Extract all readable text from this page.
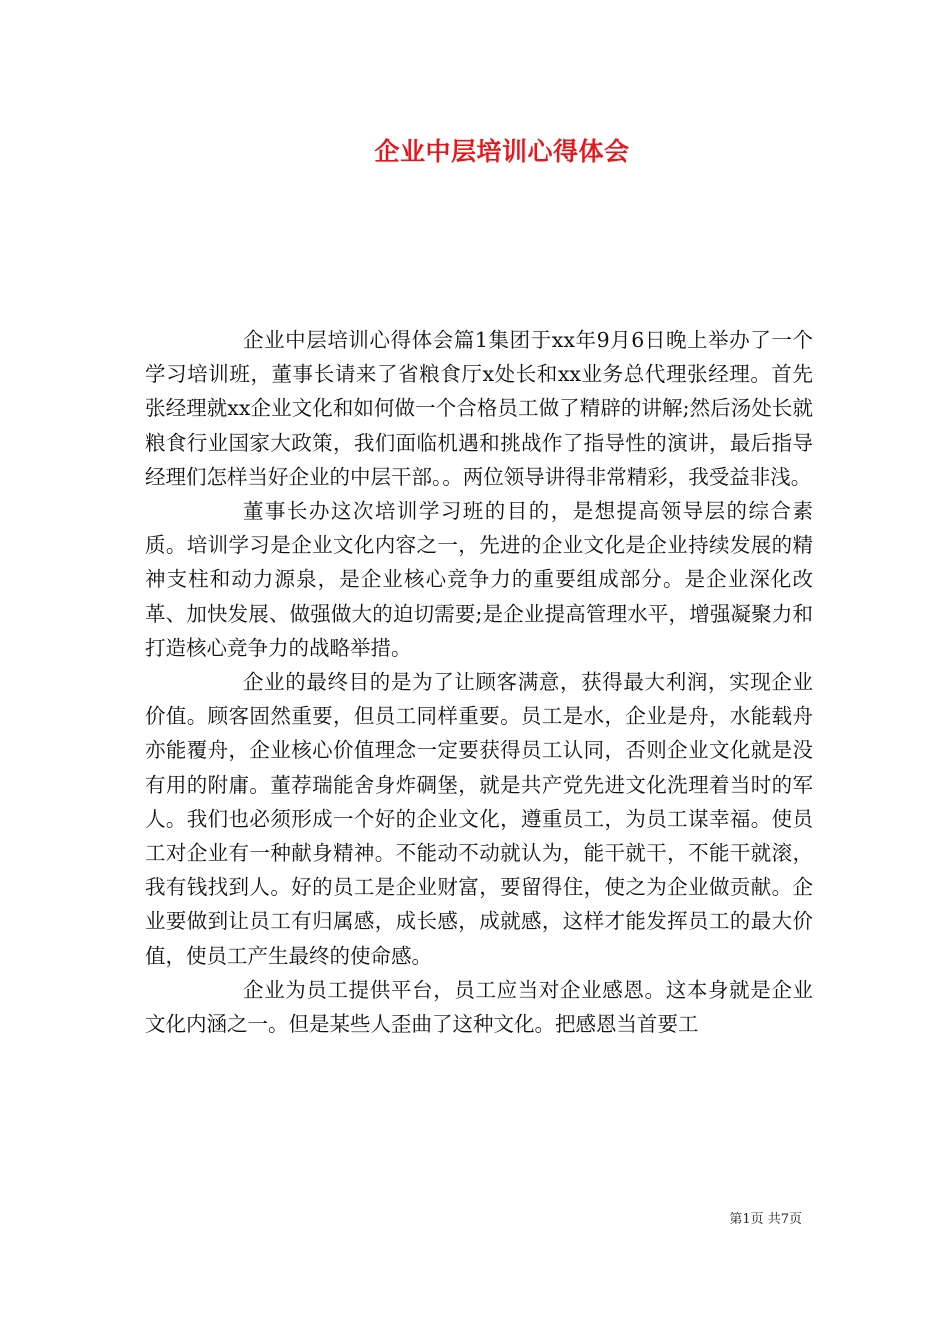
企业中层培训心得体会

企业中层培训心得体会篇1集团于xx年9月6日晚上举办了一个学习培训班，董事长请来了省粮食厅x处长和xx业务总代理张经理。首先张经理就xx企业文化和如何做一个合格员工做了精辟的讲解;然后汤处长就粮食行业国家大政策，我们面临机遇和挑战作了指导性的演讲，最后指导经理们怎样当好企业的中层干部。。两位领导讲得非常精彩，我受益非浅。

董事长办这次培训学习班的目的，是想提高领导层的综合素质。培训学习是企业文化内容之一，先进的企业文化是企业持续发展的精神支柱和动力源泉，是企业核心竞争力的重要组成部分。是企业深化改革、加快发展、做强做大的迫切需要;是企业提高管理水平，增强凝聚力和打造核心竞争力的战略举措。

企业的最终目的是为了让顾客满意，获得最大利润，实现企业价值。顾客固然重要，但员工同样重要。员工是水，企业是舟，水能载舟亦能覆舟，企业核心价值理念一定要获得员工认同，否则企业文化就是没有用的附庸。董荐瑞能舍身炸碉堡，就是共产党先进文化洗理着当时的军人。我们也必须形成一个好的企业文化，遵重员工，为员工谋幸福。使员工对企业有一种献身精神。不能动不动就认为，能干就干，不能干就滚，我有钱找到人。好的员工是企业财富，要留得住，使之为企业做贡献。企业要做到让员工有归属感，成长感，成就感，这样才能发挥员工的最大价值，使员工产生最终的使命感。

企业为员工提供平台，员工应当对企业感恩。这本身就是企业文化内涵之一。但是某些人歪曲了这种文化。把感恩当首要工

第1页 共7页
